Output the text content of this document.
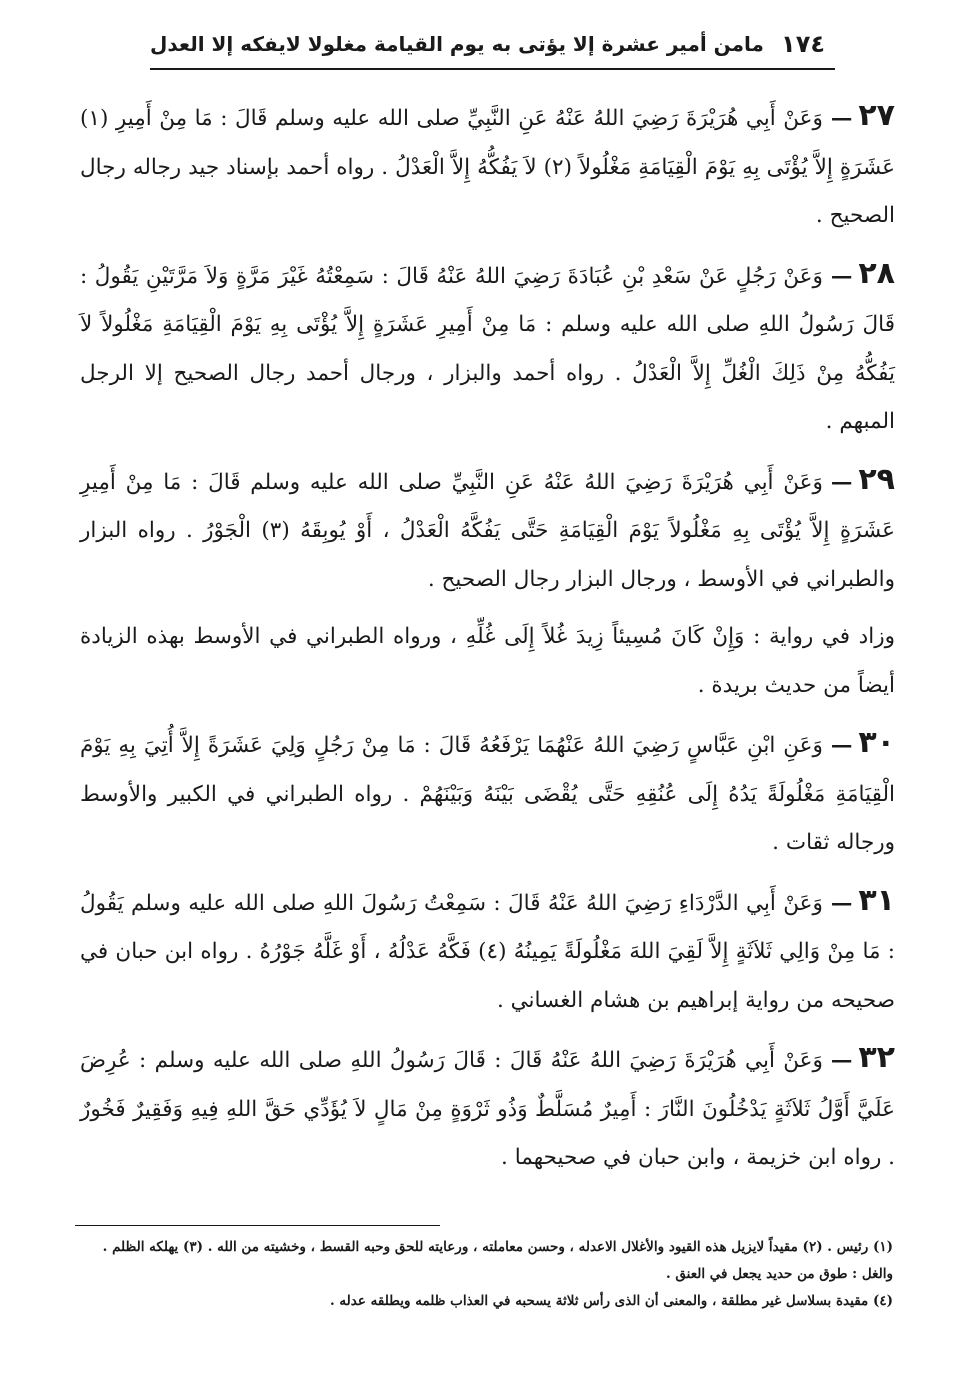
١٧٤
مامن أمير عشرة إلا يؤتى به يوم القيامة مغلولا لايفكه إلا العدل

٢٧—وَعَنْ أَبِي هُرَيْرَةَ رَضِيَ اللهُ عَنْهُ عَنِ النَّبِيِّ صلى الله عليه وسلم قَالَ : مَا مِنْ أَمِيرِ (١) عَشَرَةٍ إِلاَّ يُؤْتَى بِهِ يَوْمَ الْقِيَامَةِ مَغْلُولاً (٢) لاَ يَفُكُّهُ إِلاَّ الْعَدْلُ . رواه أحمد بإسناد جيد رجاله رجال الصحيح .

٢٨—وَعَنْ رَجُلٍ عَنْ سَعْدِ بْنِ عُبَادَةَ رَضِيَ اللهُ عَنْهُ قَالَ : سَمِعْتُهُ غَيْرَ مَرَّةٍ وَلاَ مَرَّتَيْنِ يَقُولُ : قَالَ رَسُولُ اللهِ صلى الله عليه وسلم : مَا مِنْ أَمِيرِ عَشَرَةٍ إِلاَّ يُؤْتَى بِهِ يَوْمَ الْقِيَامَةِ مَغْلُولاً لاَ يَفُكُّهُ مِنْ ذَلِكَ الْغُلِّ إِلاَّ الْعَدْلُ . رواه أحمد والبزار ، ورجال أحمد رجال الصحيح إلا الرجل المبهم .

٢٩—وَعَنْ أَبِي هُرَيْرَةَ رَضِيَ اللهُ عَنْهُ عَنِ النَّبِيِّ صلى الله عليه وسلم قَالَ : مَا مِنْ أَمِيرِ عَشَرَةٍ إِلاَّ يُؤْتَى بِهِ مَغْلُولاً يَوْمَ الْقِيَامَةِ حَتَّى يَفُكَّهُ الْعَدْلُ ، أَوْ يُوبِقَهُ (٣) الْجَوْرُ . رواه البزار والطبراني في الأوسط ، ورجال البزار رجال الصحيح .

وزاد في رواية : وَإِنْ كَانَ مُسِيئاً زِيدَ غُلاً إِلَى غُلِّهِ ، ورواه الطبراني في الأوسط بهذه الزيادة أيضاً من حديث بريدة .

٣٠—وَعَنِ ابْنِ عَبَّاسٍ رَضِيَ اللهُ عَنْهُمَا يَرْفَعُهُ قَالَ : مَا مِنْ رَجُلٍ وَلِيَ عَشَرَةً إِلاَّ أُتِيَ بِهِ يَوْمَ الْقِيَامَةِ مَغْلُولَةً يَدُهُ إِلَى عُنُقِهِ حَتَّى يُقْضَى بَيْنَهُ وَبَيْنَهُمْ . رواه الطبراني في الكبير والأوسط ورجاله ثقات .

٣١—وَعَنْ أَبِي الدَّرْدَاءِ رَضِيَ اللهُ عَنْهُ قَالَ : سَمِعْتُ رَسُولَ اللهِ صلى الله عليه وسلم يَقُولُ : مَا مِنْ وَالِي ثَلاَثَةٍ إِلاَّ لَقِيَ اللهَ مَغْلُولَةً يَمِينُهُ (٤) فَكَّهُ عَدْلُهُ ، أَوْ غَلَّهُ جَوْرُهُ . رواه ابن حبان في صحيحه من رواية إبراهيم بن هشام الغساني .

٣٢—وَعَنْ أَبِي هُرَيْرَةَ رَضِيَ اللهُ عَنْهُ قَالَ : قَالَ رَسُولُ اللهِ صلى الله عليه وسلم : عُرِضَ عَلَيَّ أَوَّلُ ثَلاَثَةٍ يَدْخُلُونَ النَّارَ : أَمِيرٌ مُسَلَّطٌ وَذُو ثَرْوَةٍ مِنْ مَالٍ لاَ يُؤَدِّي حَقَّ اللهِ فِيهِ وَفَقِيرٌ فَخُورٌ . رواه ابن خزيمة ، وابن حبان في صحيحهما .

(١) رئيس . (٢) مقيداً لايزيل هذه القيود والأغلال الاعدله ، وحسن معاملته ، ورعايته للحق وحبه القسط ، وخشيته من الله . (٣) يهلكه الظلم . والغل : طوق من حديد يجعل في العنق .

(٤) مقيدة بسلاسل غير مطلقة ، والمعنى أن الذى رأس ثلاثة يسحبه في العذاب ظلمه ويطلقه عدله .
